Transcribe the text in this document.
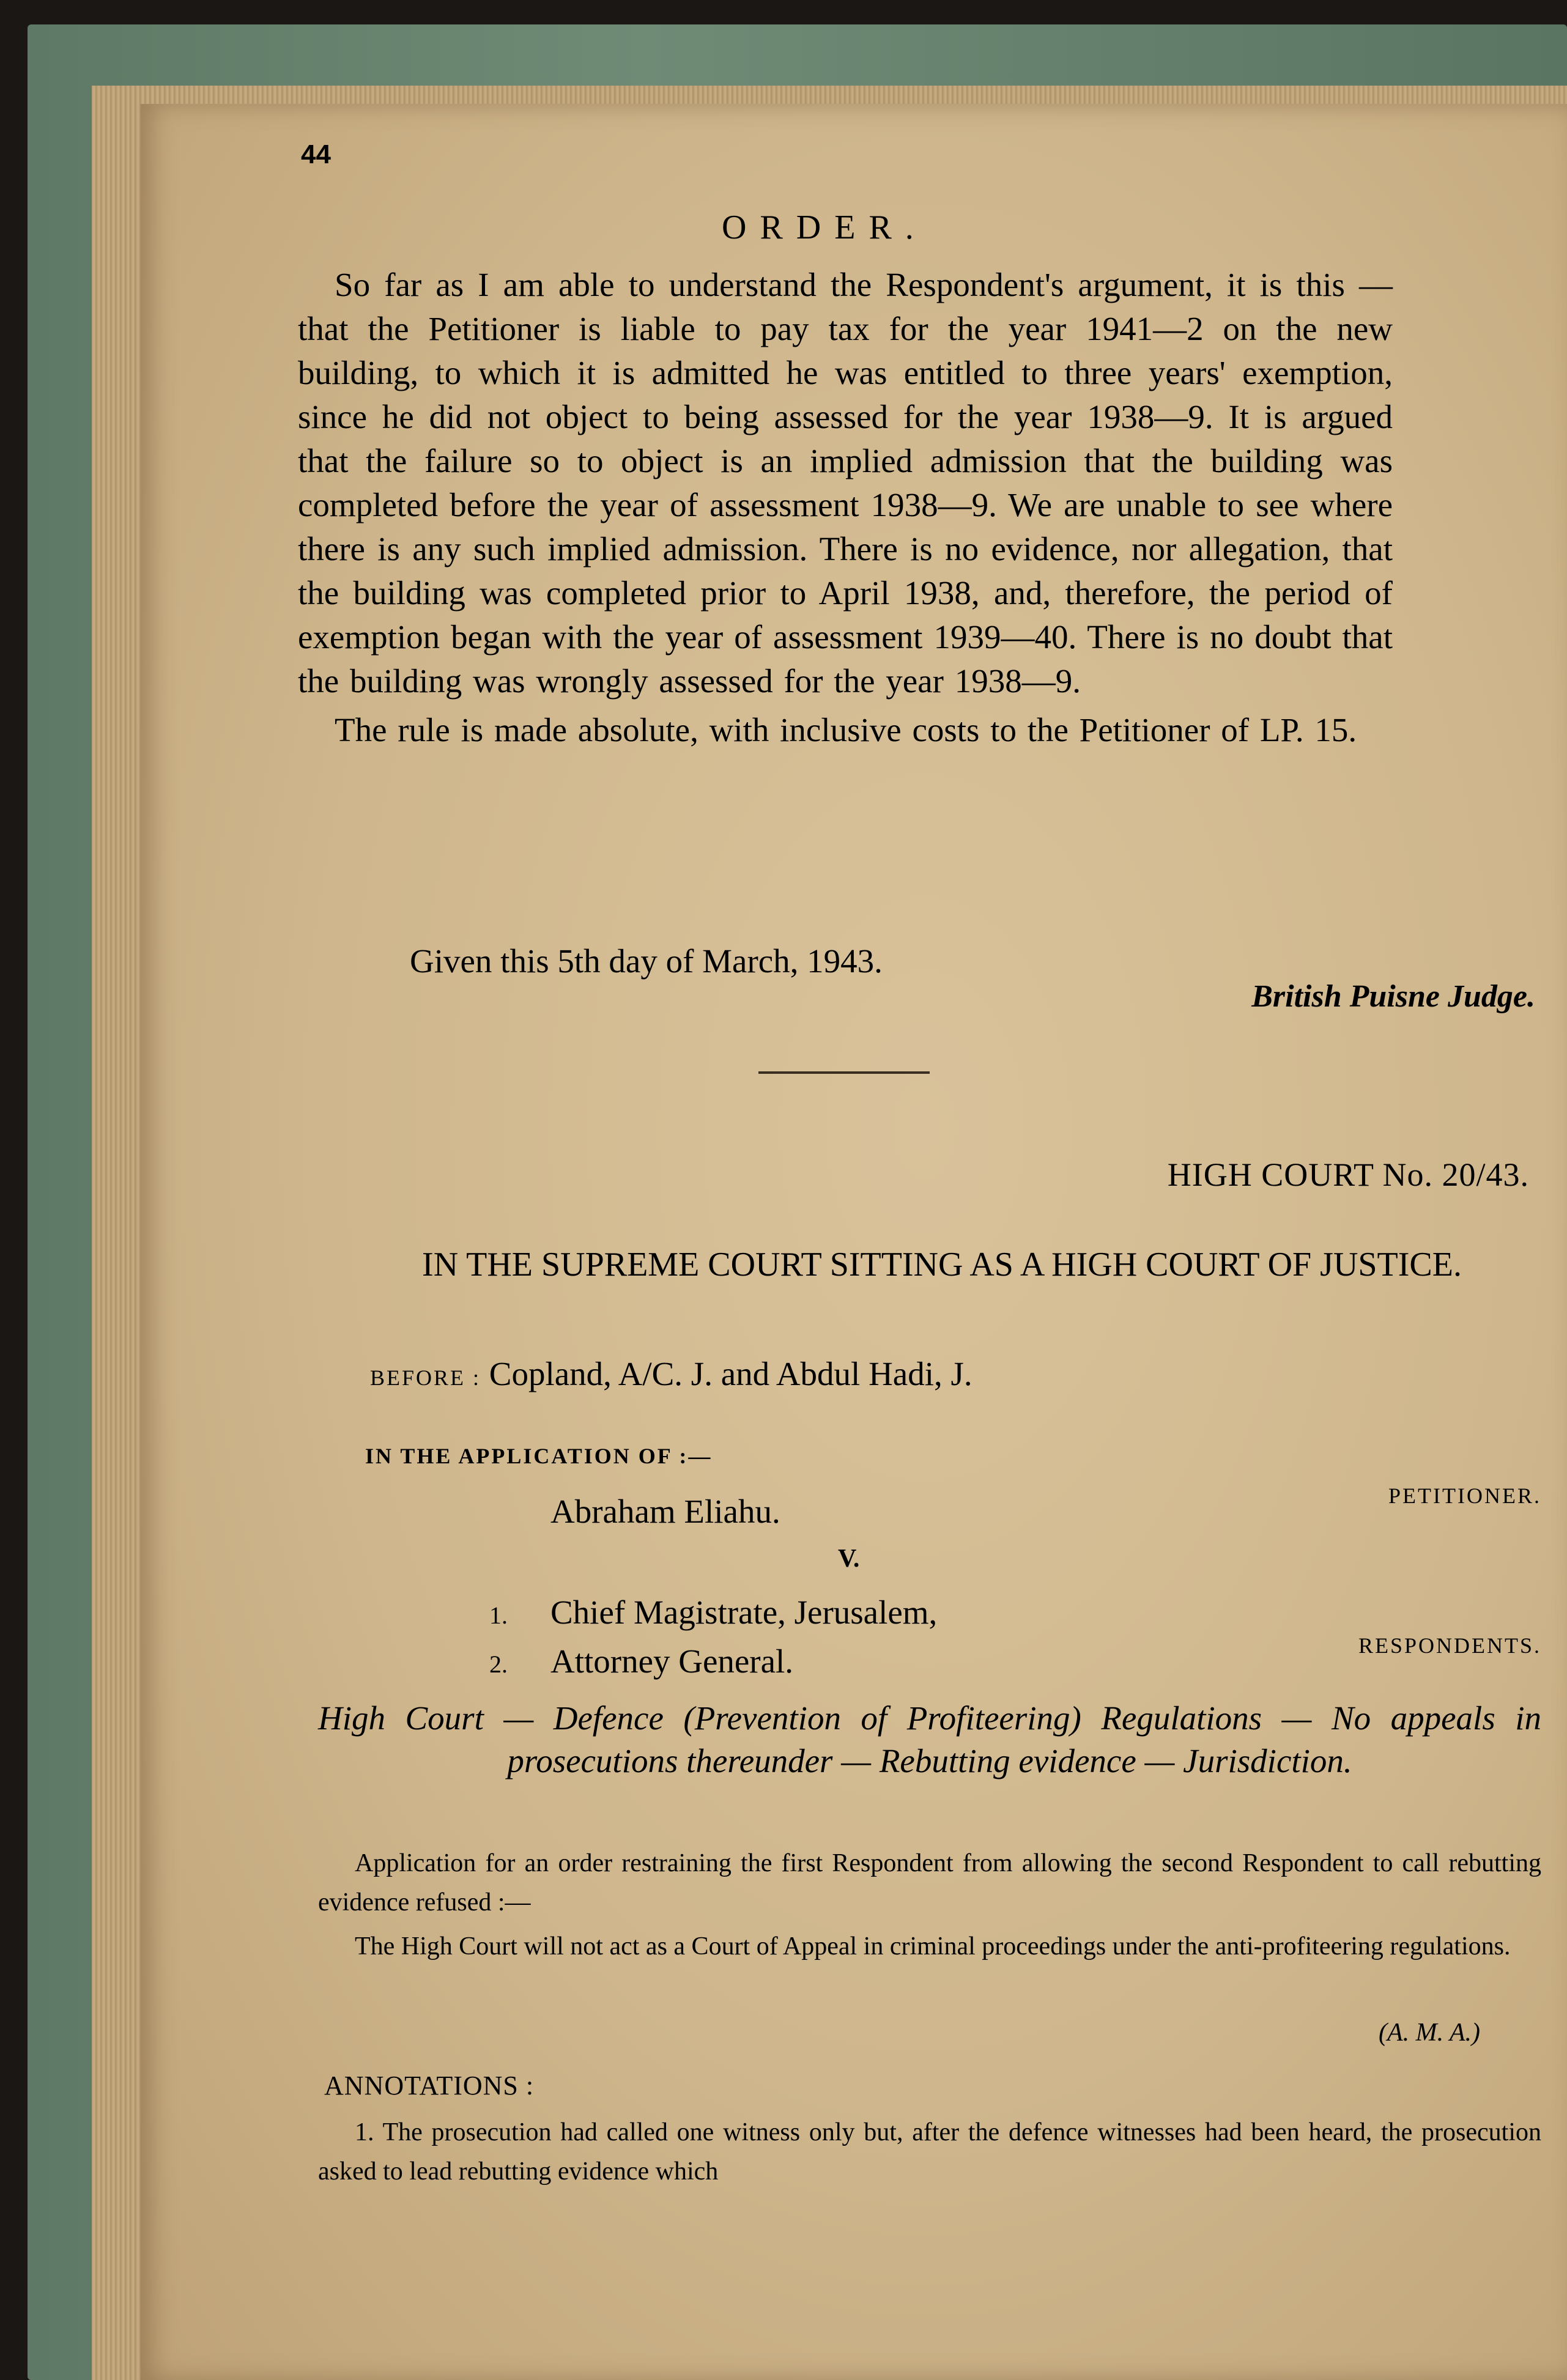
44
ORDER.

So far as I am able to understand the Respondent's argument, it is this — that the Petitioner is liable to pay tax for the year 1941—2 on the new building, to which it is admitted he was entitled to three years' exemption, since he did not object to being assessed for the year 1938—9. It is argued that the failure so to object is an implied admission that the building was completed before the year of assessment 1938—9. We are unable to see where there is any such implied admission. There is no evidence, nor allegation, that the building was completed prior to April 1938, and, therefore, the period of exemption began with the year of assessment 1939—40. There is no doubt that the building was wrongly assessed for the year 1938—9.

The rule is made absolute, with inclusive costs to the Petitioner of LP. 15.

Given this 5th day of March, 1943.
British Puisne Judge.
HIGH COURT No. 20/43.
IN THE SUPREME COURT SITTING AS A HIGH COURT OF JUSTICE.
BEFORE : Copland, A/C. J. and Abdul Hadi, J.
IN THE APPLICATION OF :—
Abraham Eliahu.	PETITIONER.
V.
1. Chief Magistrate, Jerusalem,
2. Attorney General.	RESPONDENTS.
High Court — Defence (Prevention of Profiteering) Regulations — No appeals in prosecutions thereunder — Rebutting evidence — Jurisdiction.

Application for an order restraining the first Respondent from allowing the second Respondent to call rebutting evidence refused :—

The High Court will not act as a Court of Appeal in criminal proceedings under the anti-profiteering regulations.

(A. M. A.)
ANNOTATIONS :

1. The prosecution had called one witness only but, after the defence witnesses had been heard, the prosecution asked to lead rebutting evidence which
